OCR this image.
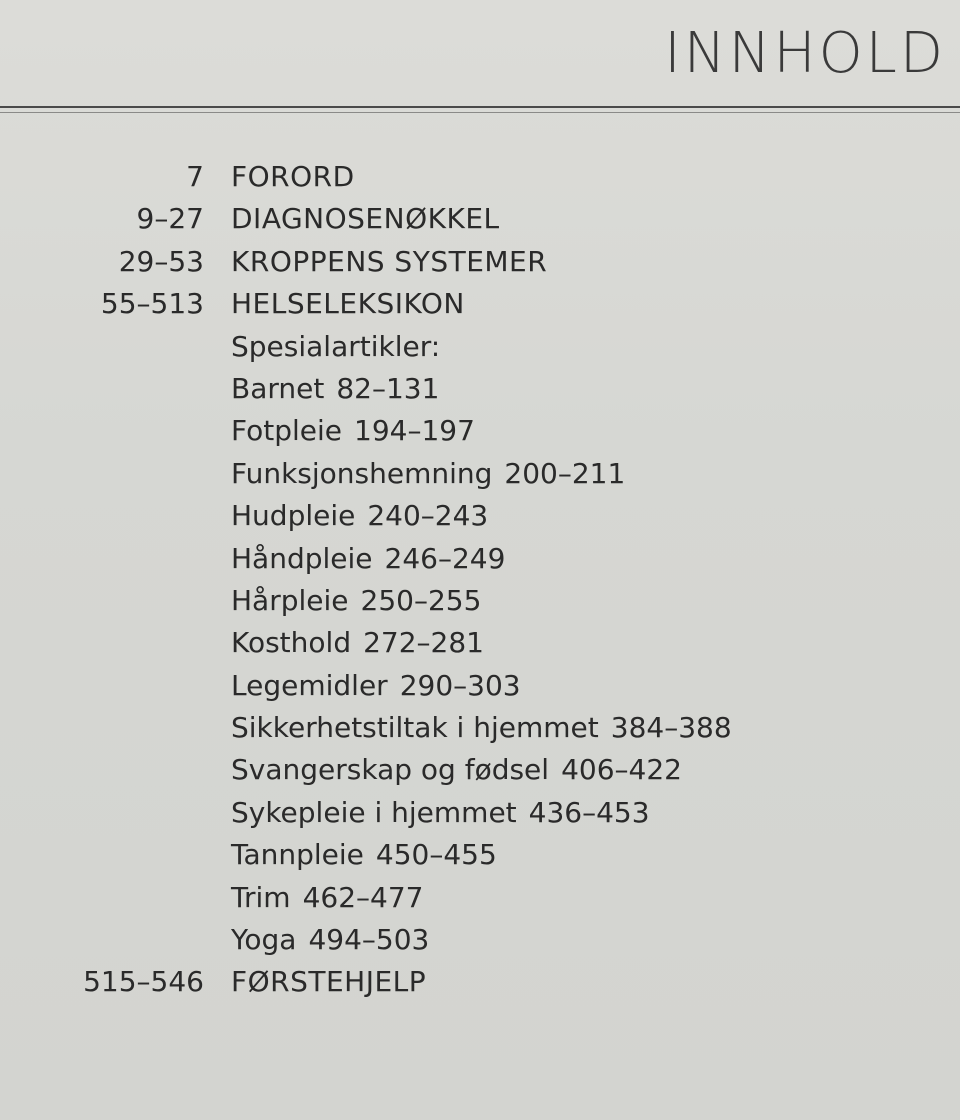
INNHOLD
7 FORORD
9–27 DIAGNOSENØKKEL
29–53 KROPPENS SYSTEMER
55–513 HELSELEKSIKON
Spesialartikler:
Barnet 82–131
Fotpleie 194–197
Funksjonshemning 200–211
Hudpleie 240–243
Håndpleie 246–249
Hårpleie 250–255
Kosthold 272–281
Legemidler 290–303
Sikkerhetstiltak i hjemmet 384–388
Svangerskap og fødsel 406–422
Sykepleie i hjemmet 436–453
Tannpleie 450–455
Trim 462–477
Yoga 494–503
515–546 FØRSTEHJELP
